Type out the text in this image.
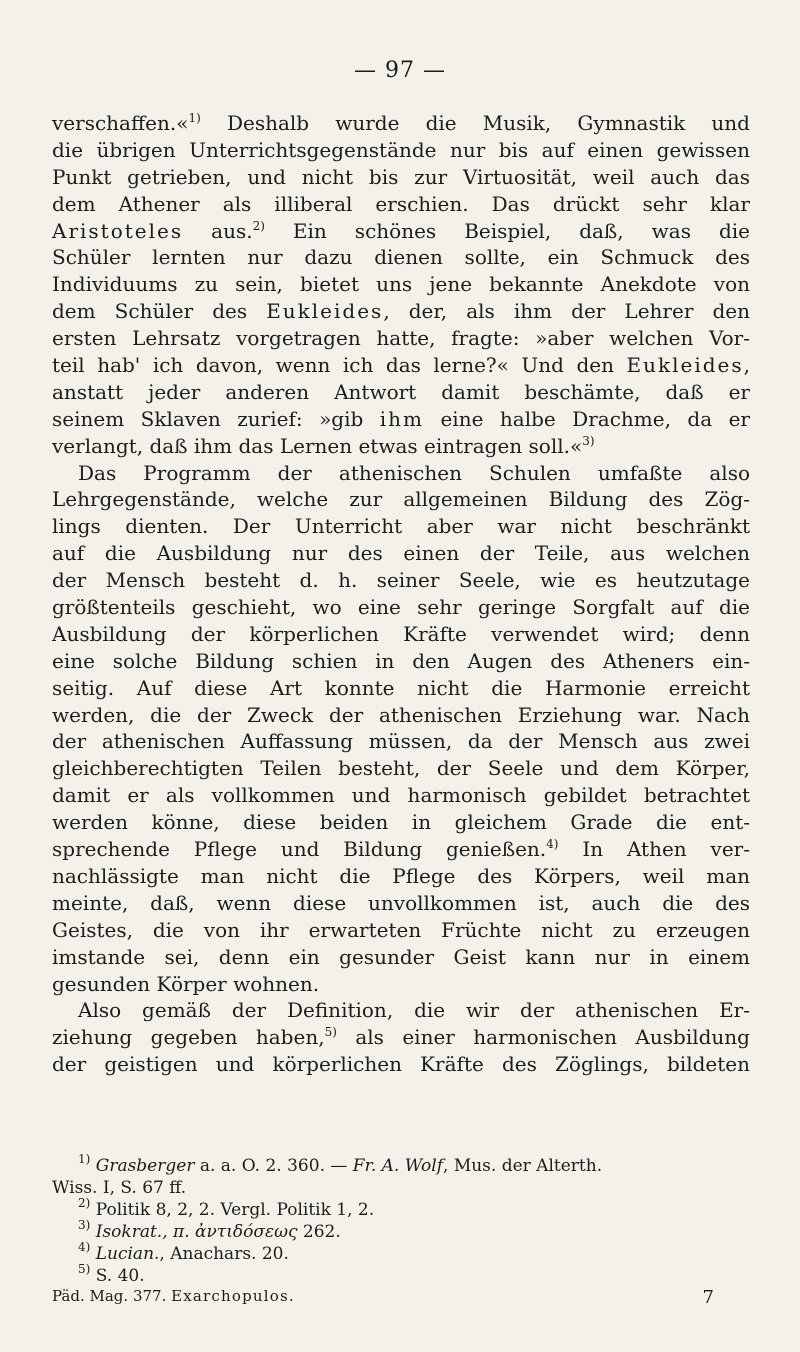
— 97 —
verschaffen.«$^{1)}$ Deshalb wurde die Musik, Gymnastik und
die übrigen Unterrichtsgegenstände nur bis auf einen gewissen
Punkt getrieben, und nicht bis zur Virtuosität, weil auch das
dem Athener als illiberal erschien. Das drückt sehr klar
Aristoteles aus.$^{2)}$ Ein schönes Beispiel, daß, was die
Schüler lernten nur dazu dienen sollte, ein Schmuck des
Individuums zu sein, bietet uns jene bekannte Anekdote von
dem Schüler des Eukleides, der, als ihm der Lehrer den
ersten Lehrsatz vorgetragen hatte, fragte: »aber welchen Vor-
teil hab' ich davon, wenn ich das lerne?« Und den Eukleides,
anstatt jeder anderen Antwort damit beschämte, daß er
seinem Sklaven zurief: »gib ihm eine halbe Drachme, da er
verlangt, daß ihm das Lernen etwas eintragen soll.«$^{3)}$
Das Programm der athenischen Schulen umfaßte also
Lehrgegenstände, welche zur allgemeinen Bildung des Zög-
lings dienten. Der Unterricht aber war nicht beschränkt
auf die Ausbildung nur des einen der Teile, aus welchen
der Mensch besteht d. h. seiner Seele, wie es heutzutage
größtenteils geschieht, wo eine sehr geringe Sorgfalt auf die
Ausbildung der körperlichen Kräfte verwendet wird; denn
eine solche Bildung schien in den Augen des Atheners ein-
seitig. Auf diese Art konnte nicht die Harmonie erreicht
werden, die der Zweck der athenischen Erziehung war. Nach
der athenischen Auffassung müssen, da der Mensch aus zwei
gleichberechtigten Teilen besteht, der Seele und dem Körper,
damit er als vollkommen und harmonisch gebildet betrachtet
werden könne, diese beiden in gleichem Grade die ent-
sprechende Pflege und Bildung genießen.$^{4)}$ In Athen ver-
nachlässigte man nicht die Pflege des Körpers, weil man
meinte, daß, wenn diese unvollkommen ist, auch die des
Geistes, die von ihr erwarteten Früchte nicht zu erzeugen
imstande sei, denn ein gesunder Geist kann nur in einem
gesunden Körper wohnen.
Also gemäß der Definition, die wir der athenischen Er-
ziehung gegeben haben,$^{5)}$ als einer harmonischen Ausbildung
der geistigen und körperlichen Kräfte des Zöglings, bildeten
$^{1)}$ Grasberger a. a. O. 2. 360. — Fr. A. Wolf, Mus. der Alterth.
Wiss. I, S. 67 ff.
$^{2)}$ Politik 8, 2, 2. Vergl. Politik 1, 2.
$^{3)}$ Isokrat., π. ἀντιδόσεως 262.
$^{4)}$ Lucian., Anachars. 20.
$^{5)}$ S. 40.
Päd. Mag. 377. Exarchopulos.	7
